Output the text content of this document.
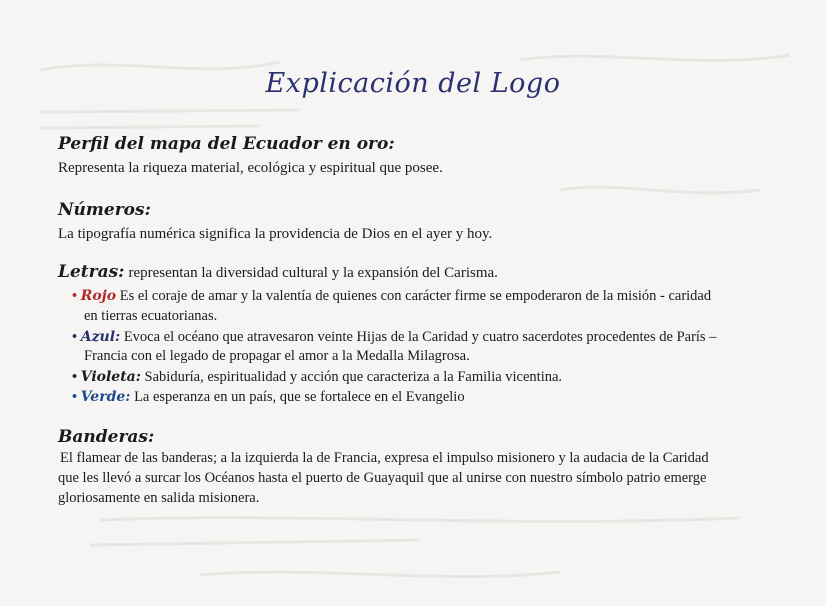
Explicación del Logo
Perfil del mapa del Ecuador en oro:
Representa la riqueza material, ecológica y espiritual que posee.
Números:
La tipografía numérica significa la providencia de Dios en el ayer y hoy.
Letras: representan la diversidad cultural y la expansión del Carisma.
• Rojo Es el coraje de amar y la valentía de quienes con carácter firme se empoderaron de la misión - caridad
en tierras ecuatorianas.
• Azul: Evoca el océano que atravesaron veinte Hijas de la Caridad y cuatro sacerdotes procedentes de París –
Francia con el legado de propagar el amor a la Medalla Milagrosa.
• Violeta: Sabiduría, espiritualidad y acción que caracteriza a la Familia vicentina.
• Verde: La esperanza en un país, que se fortalece en el Evangelio
Banderas:
El flamear de las banderas; a la izquierda la de Francia, expresa el impulso misionero y la audacia de la Caridad
que les llevó a surcar los Océanos hasta el puerto de Guayaquil que al unirse con nuestro símbolo patrio emerge
gloriosamente en salida misionera.
